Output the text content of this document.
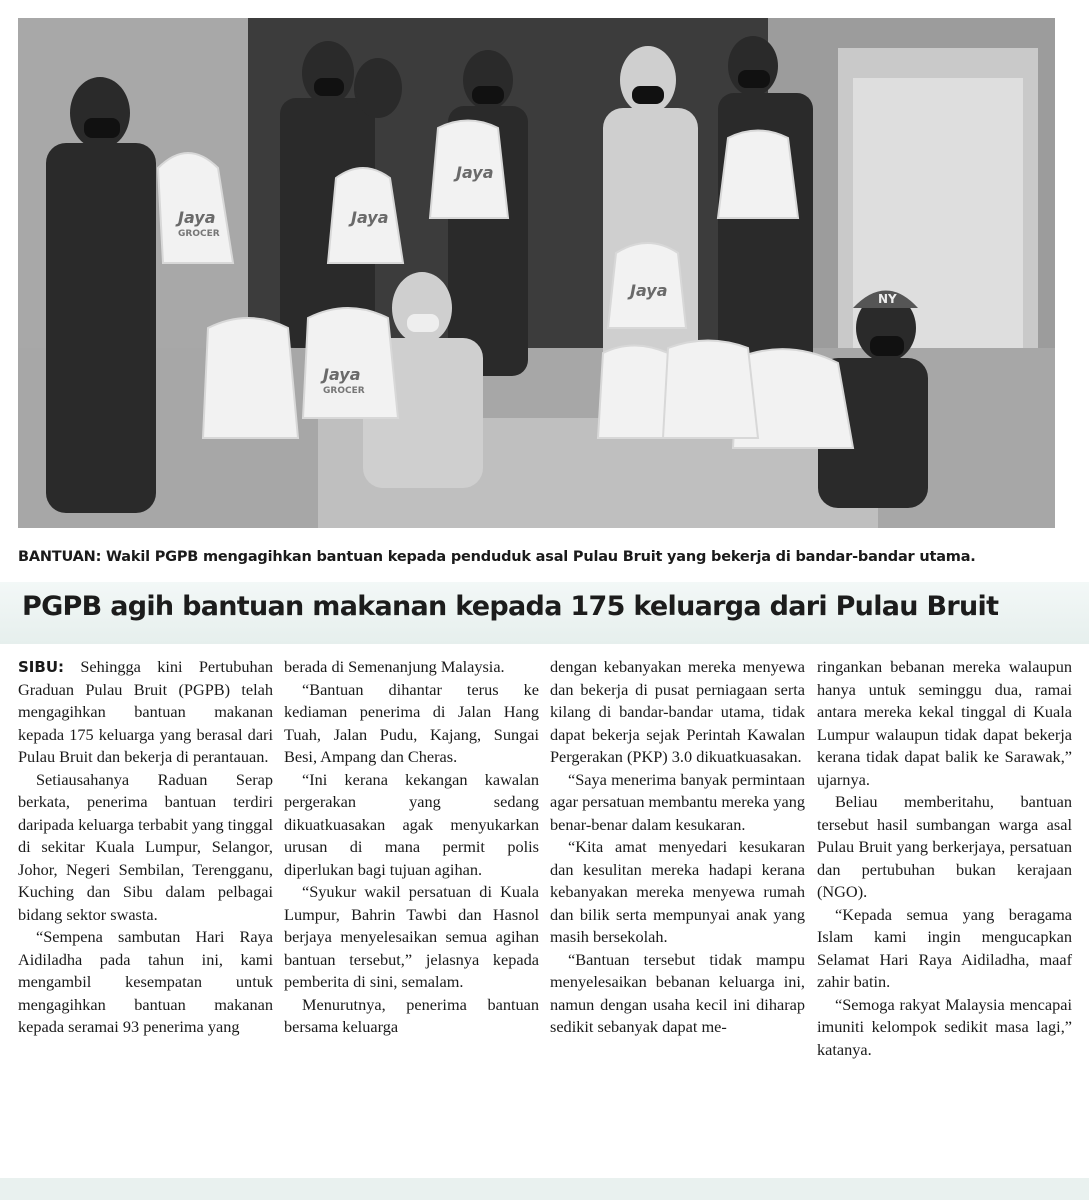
Jaya	Jaya
Jaya
Jaya
Jaya
GROCER
GROCER
NY
BANTUAN: Wakil PGPB mengagihkan bantuan kepada penduduk asal Pulau Bruit yang bekerja di bandar-bandar utama.
PGPB agih bantuan makanan kepada 175 keluarga dari Pulau Bruit

SIBU: Sehingga kini Pertubuhan Graduan Pulau Bruit (PGPB) telah mengagihkan bantuan makanan kepada 175 keluarga yang berasal dari Pulau Bruit dan bekerja di perantauan.

Setiausahanya Raduan Serap berkata, penerima bantuan terdiri daripada keluarga terbabit yang tinggal di sekitar Kuala Lumpur, Selangor, Johor, Negeri Sembilan, Terengganu, Kuching dan Sibu dalam pelbagai bidang sektor swasta.

“Sempena sambutan Hari Raya Aidiladha pada tahun ini, kami mengambil kesempatan untuk mengagihkan bantuan makanan kepada seramai 93 penerima yang

berada di Semenanjung Malaysia.

“Bantuan dihantar terus ke kediaman penerima di Jalan Hang Tuah, Jalan Pudu, Kajang, Sungai Besi, Ampang dan Cheras.

“Ini kerana kekangan kawalan pergerakan yang sedang dikuatkuasakan agak menyukarkan urusan di mana permit polis diperlukan bagi tujuan agihan.

“Syukur wakil persatuan di Kuala Lumpur, Bahrin Tawbi dan Hasnol berjaya menyelesaikan semua agihan bantuan tersebut,” jelasnya kepada pemberita di sini, semalam.

Menurutnya, penerima bantuan bersama keluarga

dengan kebanyakan mereka menyewa dan bekerja di pusat perniagaan serta kilang di bandar-bandar utama, tidak dapat bekerja sejak Perintah Kawalan Pergerakan (PKP) 3.0 dikuatkuasakan.

“Saya menerima banyak permintaan agar persatuan membantu mereka yang benar-benar dalam kesukaran.

“Kita amat menyedari kesukaran dan kesulitan mereka hadapi kerana kebanyakan mereka menyewa rumah dan bilik serta mempunyai anak yang masih bersekolah.

“Bantuan tersebut tidak mampu menyelesaikan bebanan keluarga ini, namun dengan usaha kecil ini diharap sedikit sebanyak dapat me-

ringankan bebanan mereka walaupun hanya untuk seminggu dua, ramai antara mereka kekal tinggal di Kuala Lumpur walaupun tidak dapat bekerja kerana tidak dapat balik ke Sarawak,” ujarnya.

Beliau memberitahu, bantuan tersebut hasil sumbangan warga asal Pulau Bruit yang berkerjaya, persatuan dan pertubuhan bukan kerajaan (NGO).

“Kepada semua yang beragama Islam kami ingin mengucapkan Selamat Hari Raya Aidiladha, maaf zahir batin.

“Semoga rakyat Malaysia mencapai imuniti kelompok sedikit masa lagi,” katanya.
